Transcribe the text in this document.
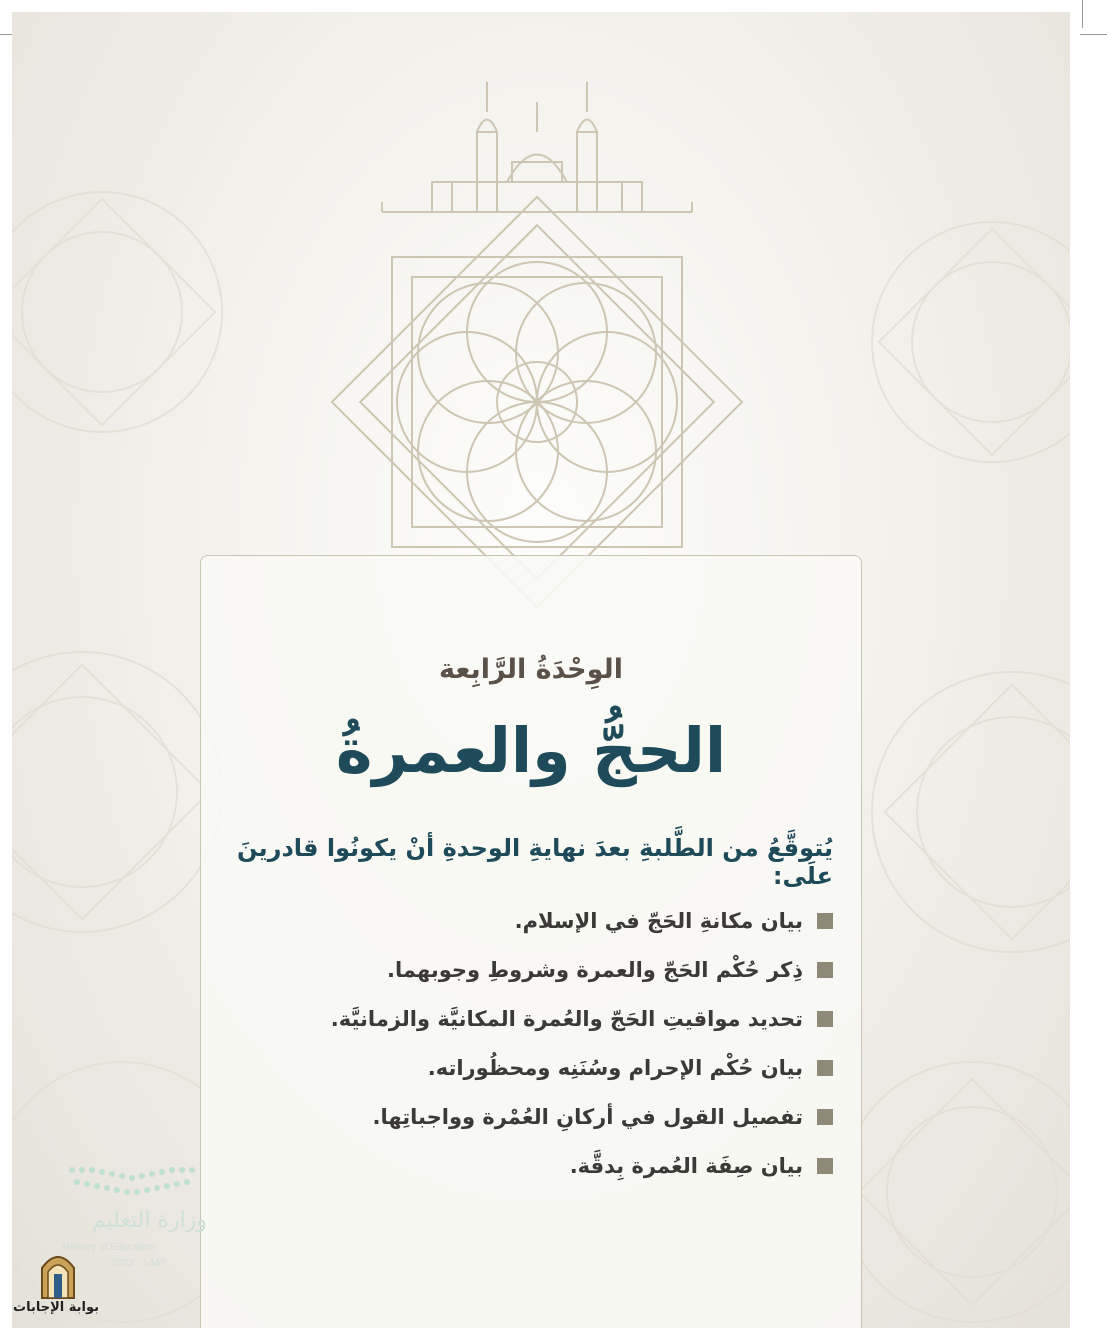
الوِحْدَةُ الرَّابِعة
الحجُّ والعمرةُ
يُتوقَّعُ من الطَّلبةِ بعدَ نهايةِ الوحدةِ أنْ يكونُوا قادرينَ علَى:
بيان مكانةِ الحَجّ في الإسلام.
ذِكر حُكْم الحَجّ والعمرة وشروطِ وجوبهما.
تحديد مواقيتِ الحَجّ والعُمرة المكانيَّة والزمانيَّة.
بيان حُكْم الإحرام وسُنَنِه ومحظُوراته.
تفصيل القول في أركانِ العُمْرة وواجباتِها.
بيان صِفَة العُمرة بِدقَّة.
وزارة التعليم
Ministry of Education
2022 - 1447
بوابة الإجابات
